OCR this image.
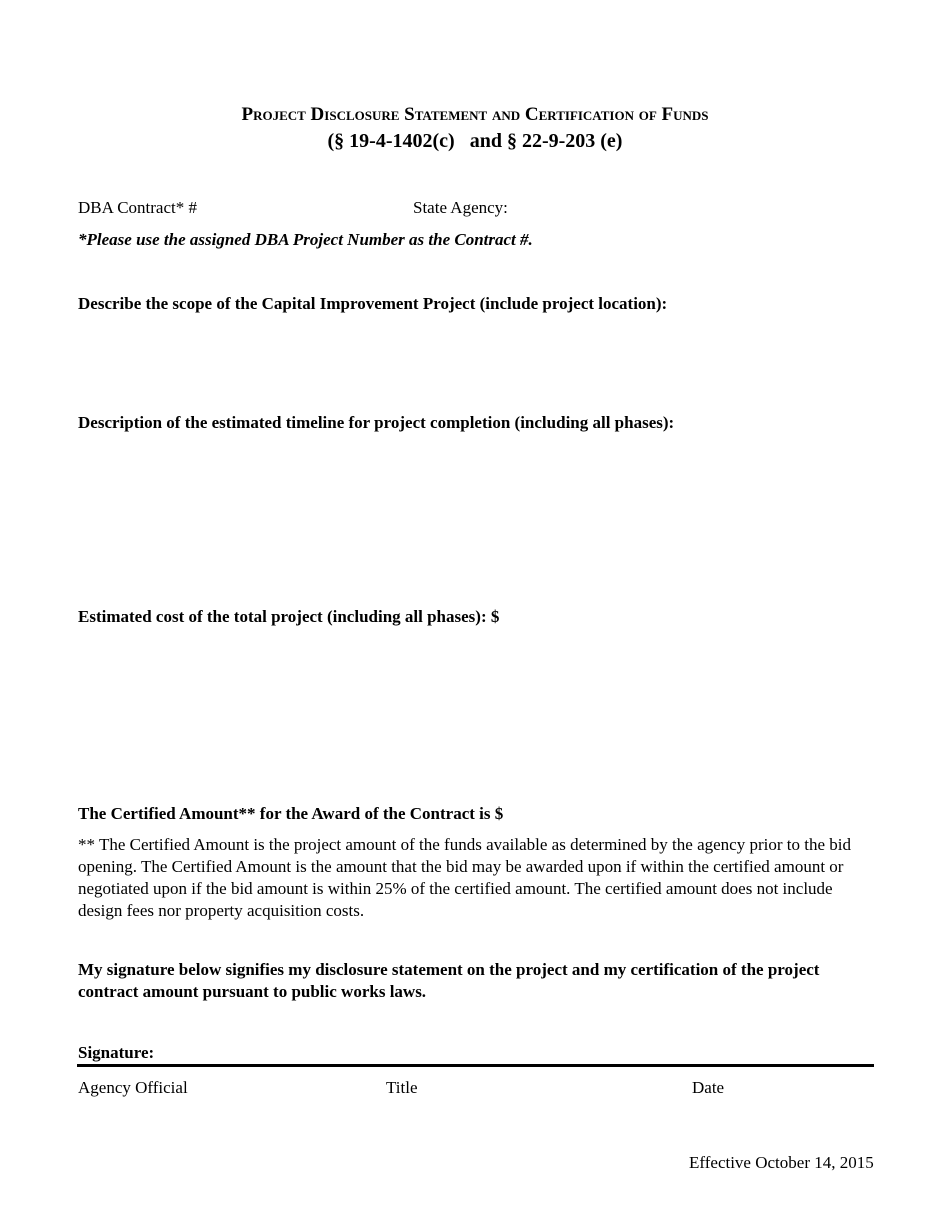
Project Disclosure Statement and Certification of Funds
(§ 19-4-1402(c)   and § 22-9-203 (e)
DBA Contract* #	State Agency:
*Please use the assigned DBA Project Number as the Contract #.
Describe the scope of the Capital Improvement Project (include project location):
Description of the estimated timeline for project completion (including all phases):
Estimated cost of the total project (including all phases): $
The Certified Amount** for the Award of the Contract is $
** The Certified Amount is the project amount of the funds available as determined by the agency prior to the bid opening. The Certified Amount is the amount that the bid may be awarded upon if within the certified amount or negotiated upon if the bid amount is within 25% of the certified amount. The certified amount does not include design fees nor property acquisition costs.
My signature below signifies my disclosure statement on the project and my certification of the project contract amount pursuant to public works laws.
Signature:
Agency Official	Title	Date
Effective October 14, 2015
